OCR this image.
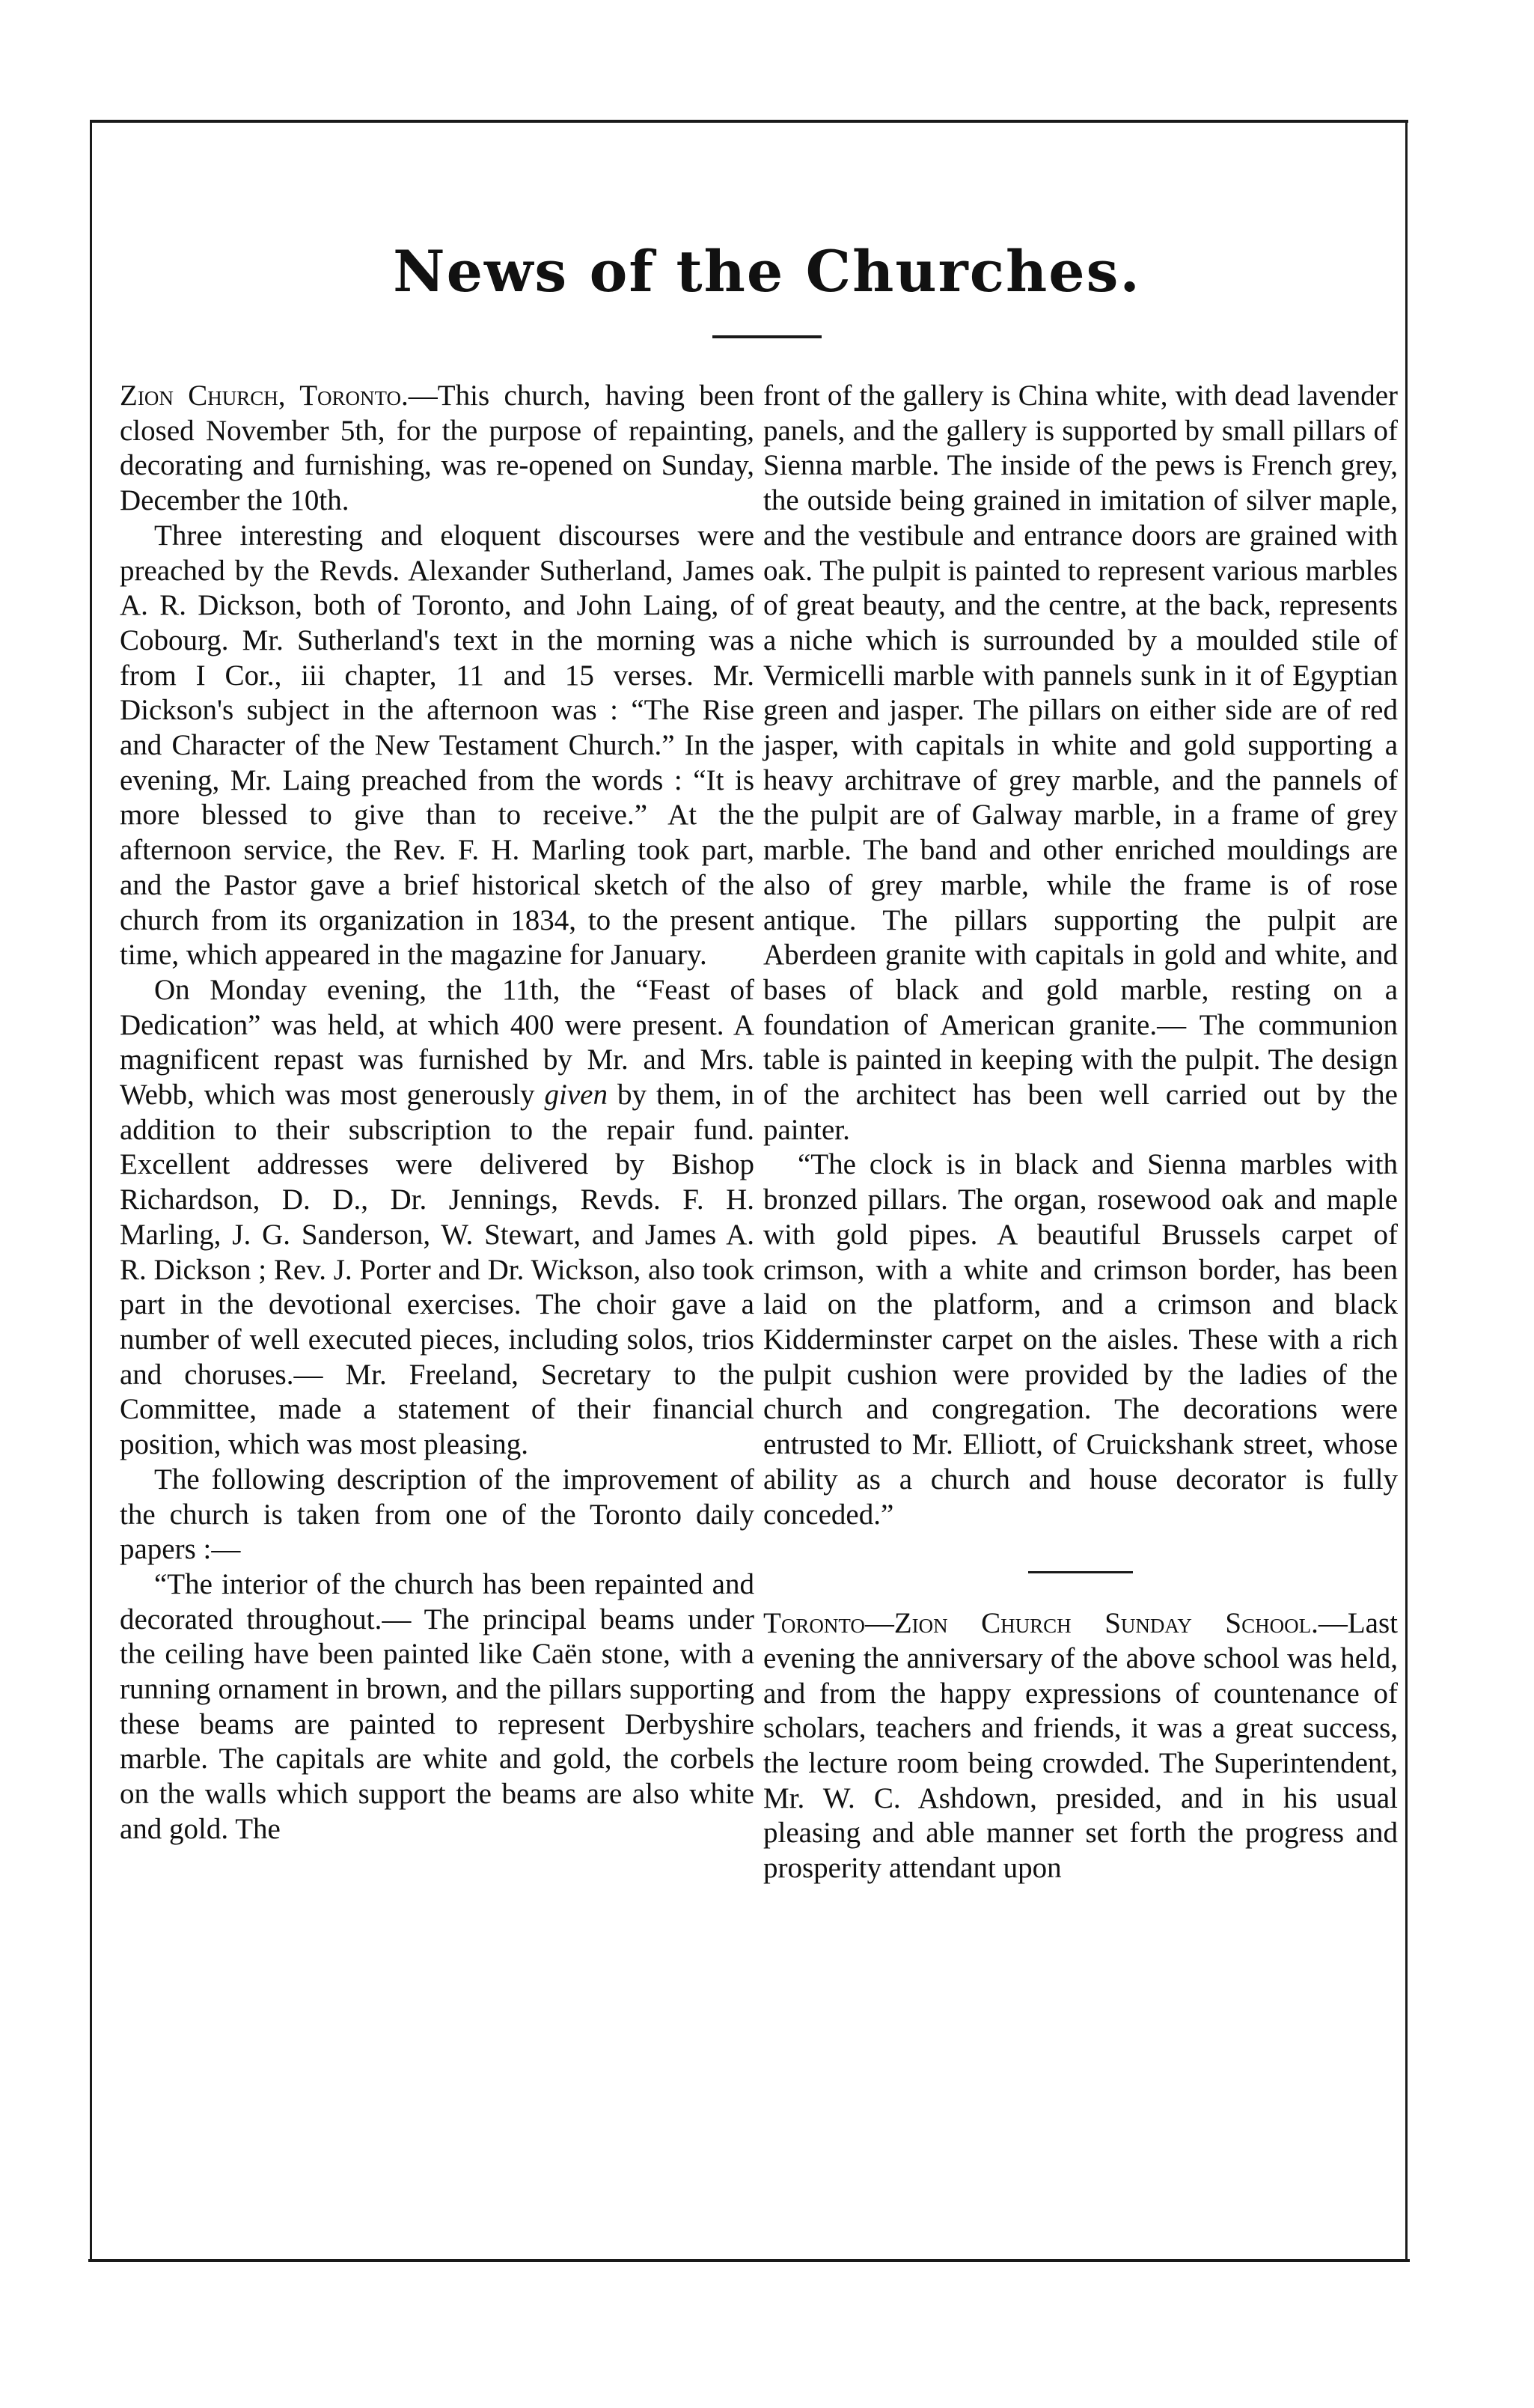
News of the Churches.

Zion Church, Toronto.—This church, having been closed November 5th, for the purpose of repainting, decorating and furnishing, was re-opened on Sunday, December the 10th.

Three interesting and eloquent discourses were preached by the Revds. Alexander Sutherland, James A. R. Dickson, both of Toronto, and John Laing, of Cobourg. Mr. Sutherland's text in the morning was from I Cor., iii chapter, 11 and 15 verses. Mr. Dickson's subject in the afternoon was : “The Rise and Character of the New Testament Church.” In the evening, Mr. Laing preached from the words : “It is more blessed to give than to receive.” At the afternoon service, the Rev. F. H. Marling took part, and the Pastor gave a brief historical sketch of the church from its organization in 1834, to the present time, which appeared in the magazine for January.

On Monday evening, the 11th, the “Feast of Dedication” was held, at which 400 were present. A magnificent repast was furnished by Mr. and Mrs. Webb, which was most generously given by them, in addition to their subscription to the repair fund. Excellent addresses were delivered by Bishop Richardson, D. D., Dr. Jennings, Revds. F. H. Marling, J. G. Sanderson, W. Stewart, and James A. R. Dickson ; Rev. J. Porter and Dr. Wickson, also took part in the devotional exercises. The choir gave a number of well executed pieces, including solos, trios and choruses.— Mr. Freeland, Secretary to the Committee, made a statement of their financial position, which was most pleasing.

The following description of the improvement of the church is taken from one of the Toronto daily papers :—

“The interior of the church has been repainted and decorated throughout.— The principal beams under the ceiling have been painted like Caën stone, with a running ornament in brown, and the pillars supporting these beams are painted to represent Derbyshire marble. The capitals are white and gold, the corbels on the walls which support the beams are also white and gold. The

front of the gallery is China white, with dead lavender panels, and the gallery is supported by small pillars of Sienna marble. The inside of the pews is French grey, the outside being grained in imitation of silver maple, and the vestibule and entrance doors are grained with oak. The pulpit is painted to represent various marbles of great beauty, and the centre, at the back, represents a niche which is surrounded by a moulded stile of Vermicelli marble with pannels sunk in it of Egyptian green and jasper. The pillars on either side are of red jasper, with capitals in white and gold supporting a heavy architrave of grey marble, and the pannels of the pulpit are of Galway marble, in a frame of grey marble. The band and other enriched mouldings are also of grey marble, while the frame is of rose antique. The pillars supporting the pulpit are Aberdeen granite with capitals in gold and white, and bases of black and gold marble, resting on a foundation of American granite.— The communion table is painted in keeping with the pulpit. The design of the architect has been well carried out by the painter.

“The clock is in black and Sienna marbles with bronzed pillars. The organ, rosewood oak and maple with gold pipes. A beautiful Brussels carpet of crimson, with a white and crimson border, has been laid on the platform, and a crimson and black Kidderminster carpet on the aisles. These with a rich pulpit cushion were provided by the ladies of the church and congregation. The decorations were entrusted to Mr. Elliott, of Cruickshank street, whose ability as a church and house decorator is fully conceded.”

Toronto—Zion Church Sunday School.—Last evening the anniversary of the above school was held, and from the happy expressions of countenance of scholars, teachers and friends, it was a great success, the lecture room being crowded. The Superintendent, Mr. W. C. Ashdown, presided, and in his usual pleasing and able manner set forth the progress and prosperity attendant upon
